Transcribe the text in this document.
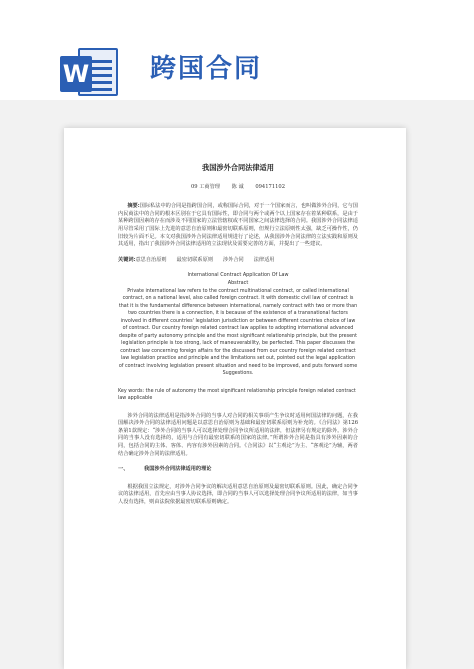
W 跨国合同
我国涉外合同法律适用
09 工商管理 陈 诚 094171102

摘要:国际私法中的合同是指跨国合同，或称国际合同，对于一个国家而言，也叫做涉外合同，它与国内民商法中的合同的根本区别在于它具有国际性，即合同与两个或两个以上国家存在着某种联系，是由于某种跨国因素的存在而涉及不同国家的立法管辖权或不同国家之间法律选择的合同。我国涉外合同法律适用尽管采用了国际上先进的意思自治原则和最密切联系原则，但规行立法原则性太强，缺乏可操作性，仍旧较为片面不足。本文对我国涉外合同法律适用规进行了论述，从我国涉外合同法律的立法实践和原则及其适用，指出了我国涉外合同法律适用的立法现状及需要完善的方面，并提出了一些建议。

关键词:意思自治原则 最密切联系原则 涉外合同 法律适用

International Contract Application Of Law

Abstract

Private international law refers to the contract multinational contract, or called international contract, on a national level, also called foreign contract. It with domestic civil law of contract is that it is the fundamental difference between international, namely contract with two or more than two countries there is a connection, it is because of the existence of a transnational factors involved in different countries' legislation jurisdiction or between different countries choice of law of contract. Our country foreign related contract law applies to adopting international advanced despite of party autonomy principle and the most significant relationship principle, but the present legislation principle is too strong, lack of maneuverability, be perfected. This paper discusses the contract law concerning foreign affairs for the discussed from our country foreign related contract law legislation practice and principle and the limitations set out, pointed out the legal application of contract involving legislation present situation and need to be improved, and puts forward some Suggestions.

Key words: the rule of autonomy the most significant relationship principle foreign related contract law applicable

涉外合同的法律适用是指涉外合同的当事人对合同的相关事项产生争议时适用何国法律的问题，在我国解决涉外合同的法律适用问题是以意思自治原则为基础和最密切联系原则为补充的。《合同法》第126条第1款规定：“涉外合同的当事人可以选择处理合同争议所适用的法律，但法律另有规定的除外。涉外合同的当事人没有选择的，适用与合同有最密切联系的国家的法律。”所谓涉外合同是指具有涉外因素的合同，包括合同的主体、客体、内容有涉外因素的合同。《合同法》以“主观论”为主、“客观论”为辅，两者结合确定涉外合同的法律适用。

一、	我国涉外合同法律适用的理论

根据我国立法规定，对涉外合同争议的解决适用意思自治原则及最密切联系原则。因此，确定合同争议的法律适用，首先应由当事人协议选择，即合同的当事人可以选择处理合同争议所适用的法律，如当事人没有选择，则由法院依据最密切联系原则确定。
